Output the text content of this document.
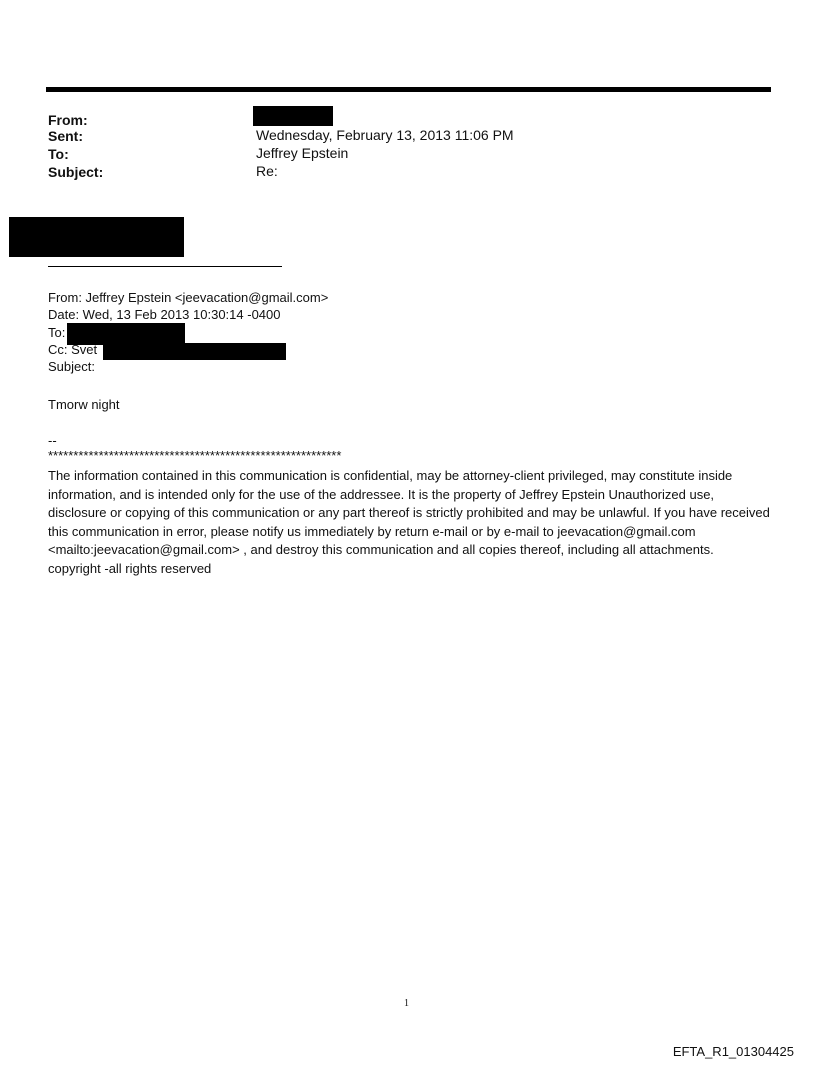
From:
Sent:	Wednesday, February 13, 2013 11:06 PM
To:	Jeffrey Epstein
Subject:	Re:
From: Jeffrey Epstein <jeevacation@gmail.com>
Date: Wed, 13 Feb 2013 10:30:14 -0400
To:
Cc: Svet
Subject:
Tmorw night
--
**********************************************************
The information contained in this communication is confidential, may be attorney-client privileged, may constitute inside information, and is intended only for the use of the addressee. It is the property of Jeffrey Epstein Unauthorized use, disclosure or copying of this communication or any part thereof is strictly prohibited and may be unlawful. If you have received this communication in error, please notify us immediately by return e-mail or by e-mail to jeevacation@gmail.com <mailto:jeevacation@gmail.com> , and destroy this communication and all copies thereof, including all attachments. copyright -all rights reserved
1
EFTA_R1_01304425
